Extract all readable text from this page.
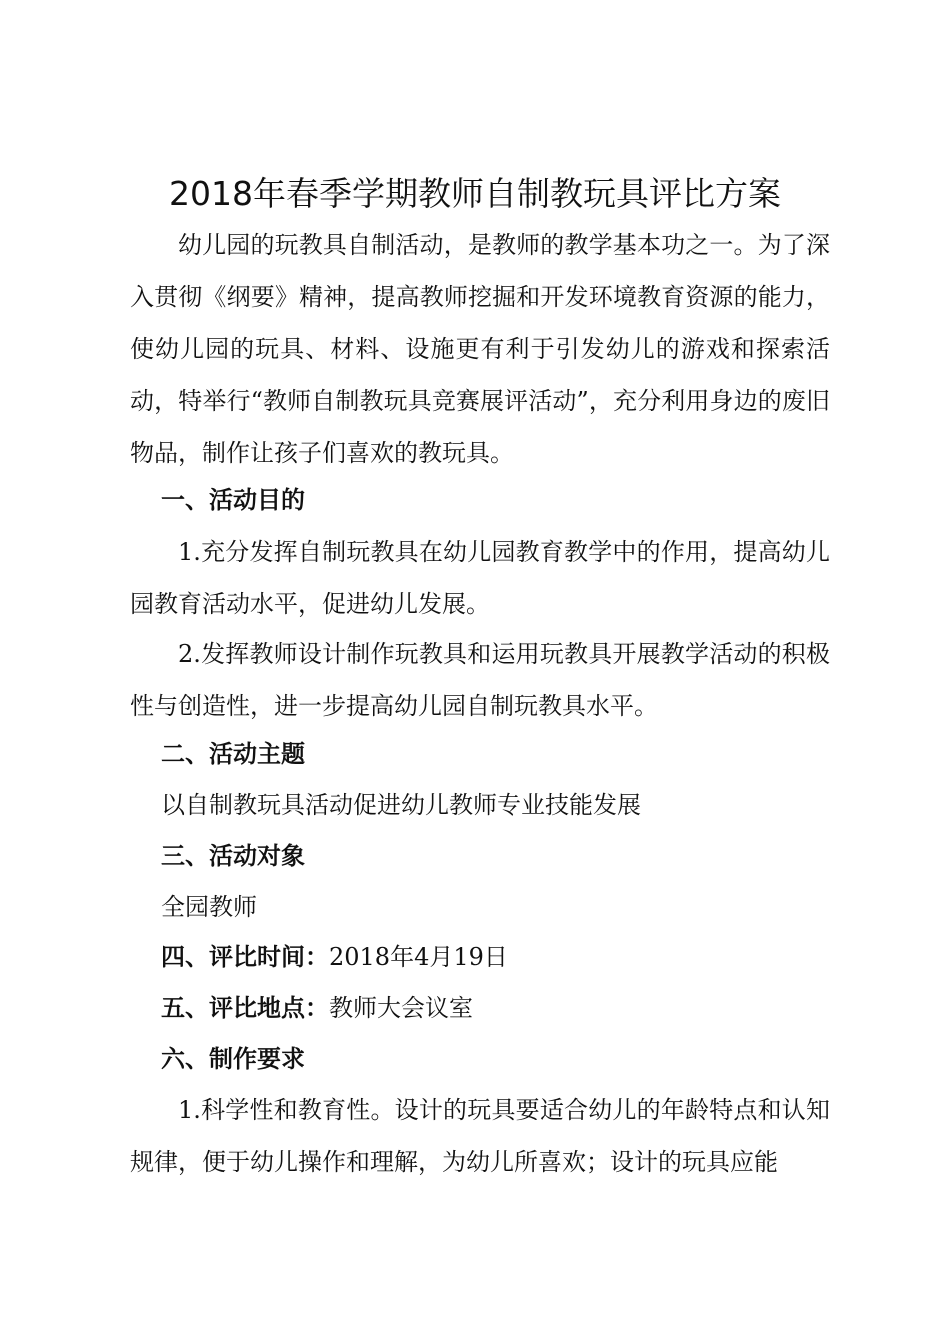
2018年春季学期教师自制教玩具评比方案

幼儿园的玩教具自制活动，是教师的教学基本功之一。为了深入贯彻《纲要》精神，提高教师挖掘和开发环境教育资源的能力，使幼儿园的玩具、材料、设施更有利于引发幼儿的游戏和探索活动，特举行“教师自制教玩具竞赛展评活动”，充分利用身边的废旧物品，制作让孩子们喜欢的教玩具。

一、活动目的

1.充分发挥自制玩教具在幼儿园教育教学中的作用，提高幼儿园教育活动水平，促进幼儿发展。

2.发挥教师设计制作玩教具和运用玩教具开展教学活动的积极性与创造性，进一步提高幼儿园自制玩教具水平。

二、活动主题
以自制教玩具活动促进幼儿教师专业技能发展
三、活动对象
全园教师
四、评比时间：2018年4月19日
五、评比地点：教师大会议室
六、制作要求

1.科学性和教育性。设计的玩具要适合幼儿的年龄特点和认知规律，便于幼儿操作和理解，为幼儿所喜欢；设计的玩具应能
